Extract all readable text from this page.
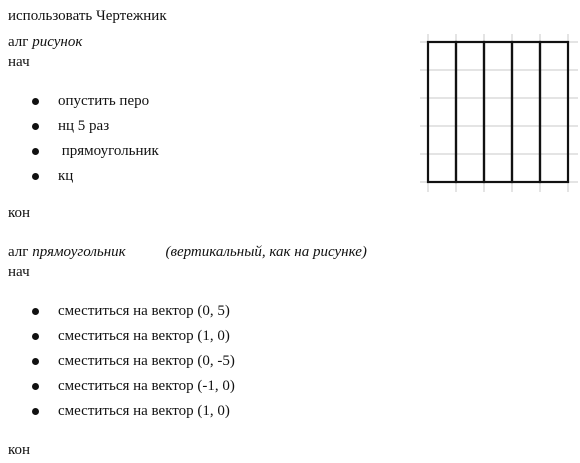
использовать Чертежник
алг рисунок
нач
опустить перо
нц 5 раз
прямоугольник
кц
кон
алг прямоугольник	(вертикальный, как на рисунке)
нач
сместиться на вектор (0, 5)
сместиться на вектор (1, 0)
сместиться на вектор (0, -5)
сместиться на вектор (-1, 0)
сместиться на вектор (1, 0)
кон
